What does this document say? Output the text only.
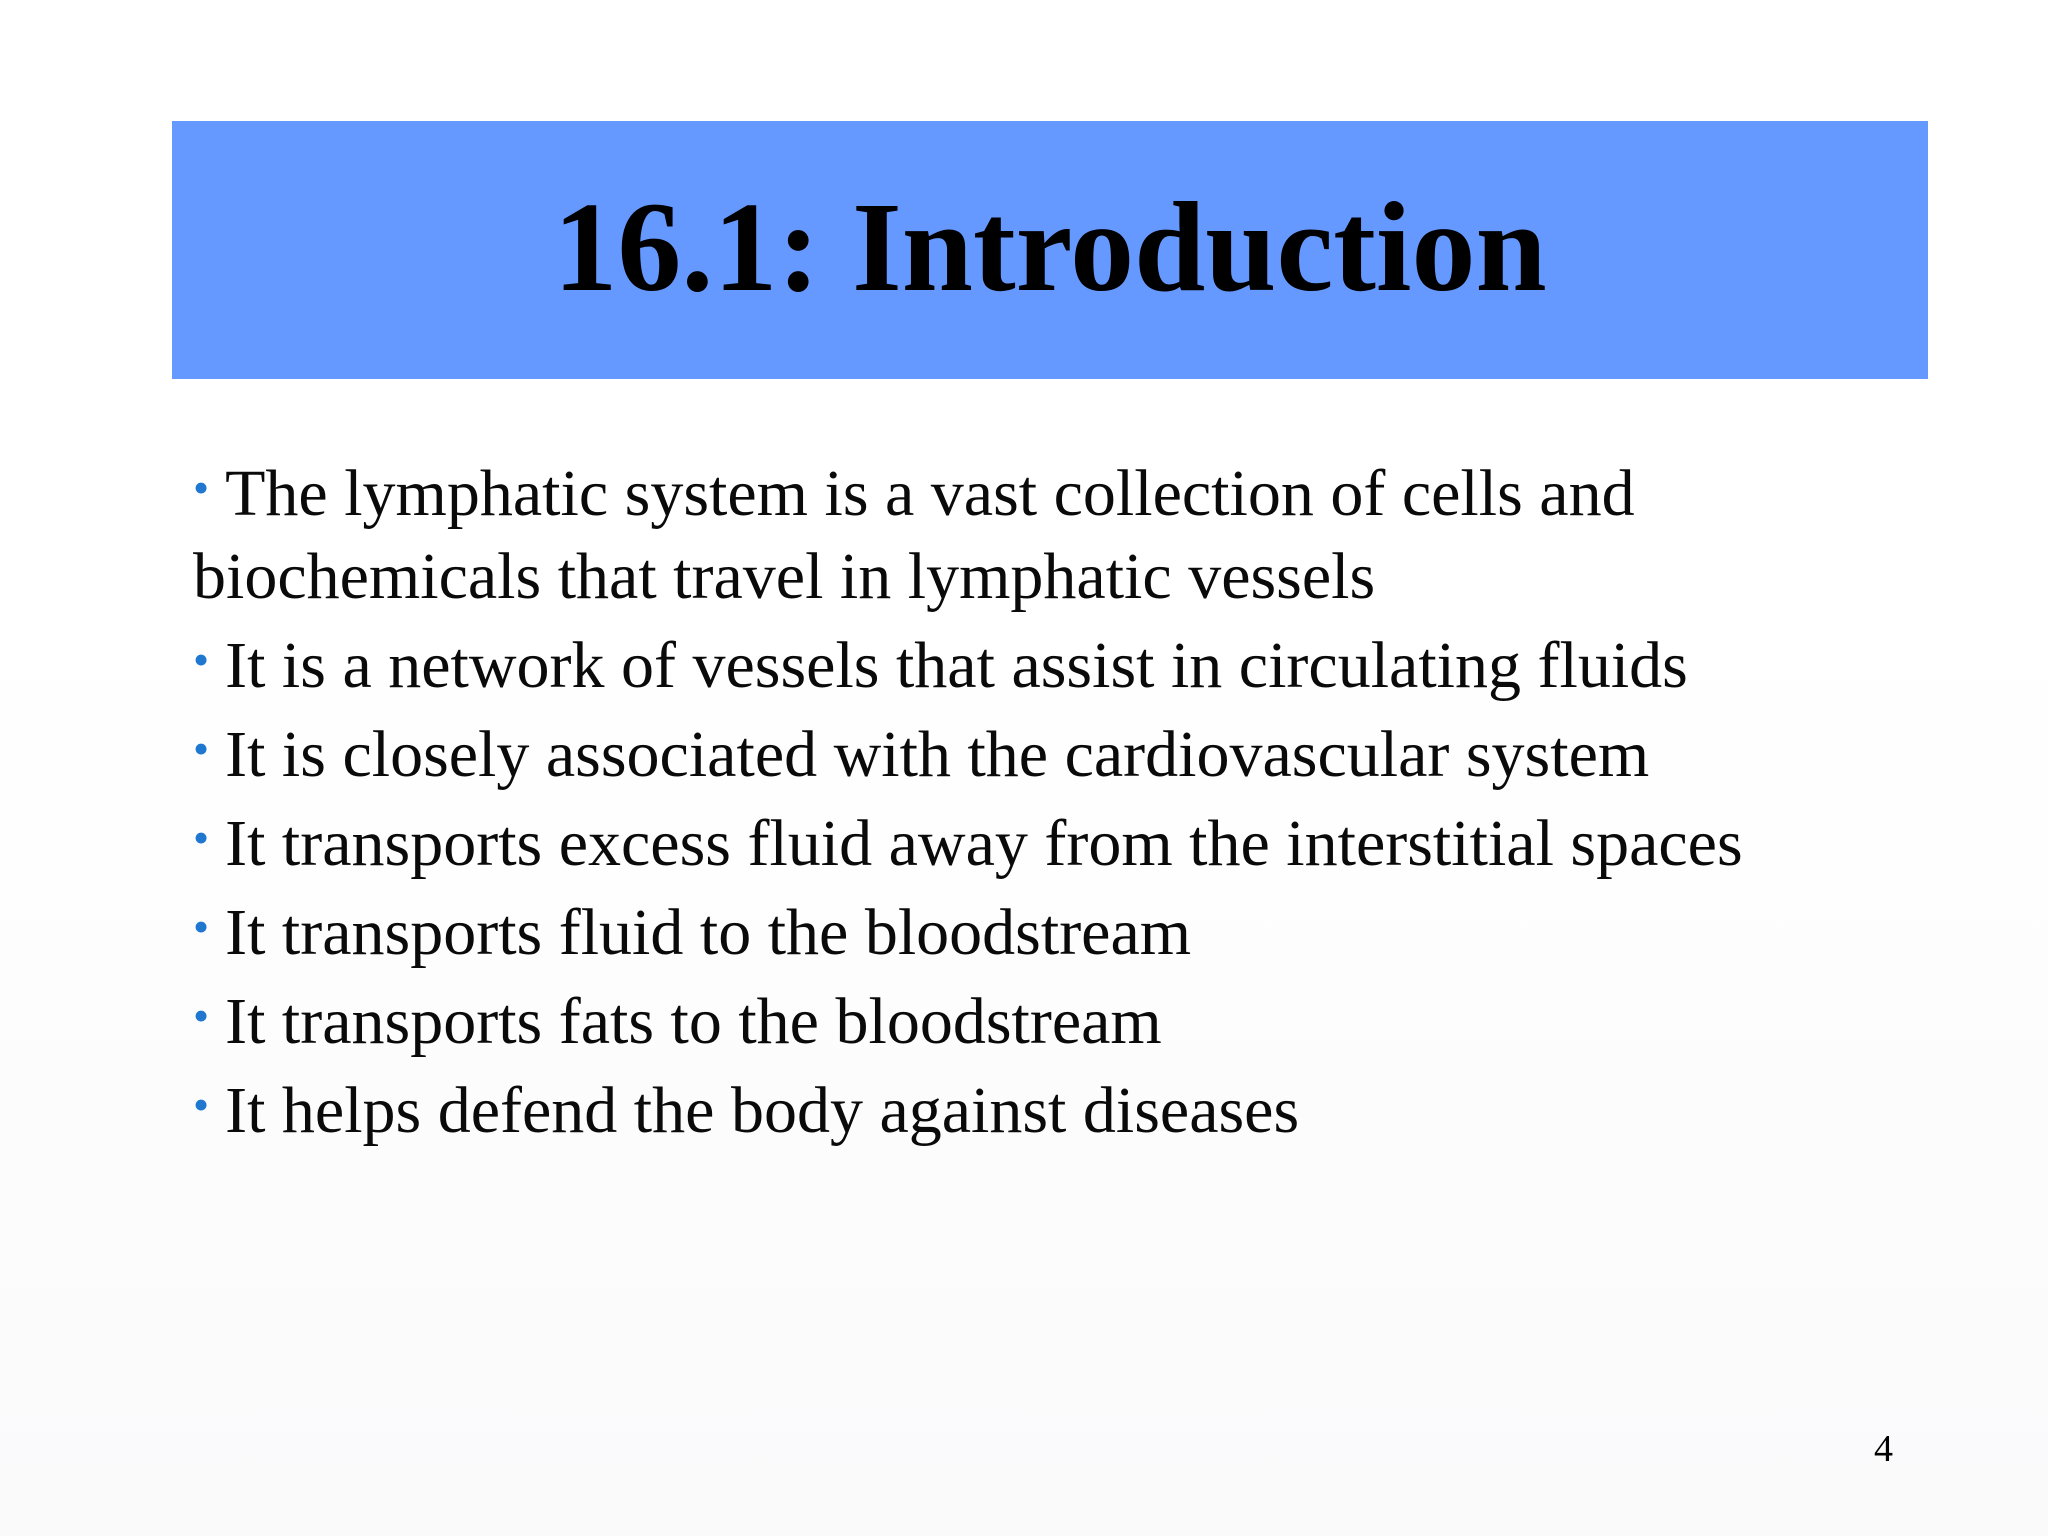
16.1: Introduction
• The lymphatic system is a vast collection of cells and biochemicals that travel in lymphatic vessels
• It is a network of vessels that assist in circulating fluids
• It is closely associated with the cardiovascular system
• It transports excess fluid away from the interstitial spaces
• It transports fluid to the bloodstream
• It transports fats to the bloodstream
• It helps defend the body against diseases
4
